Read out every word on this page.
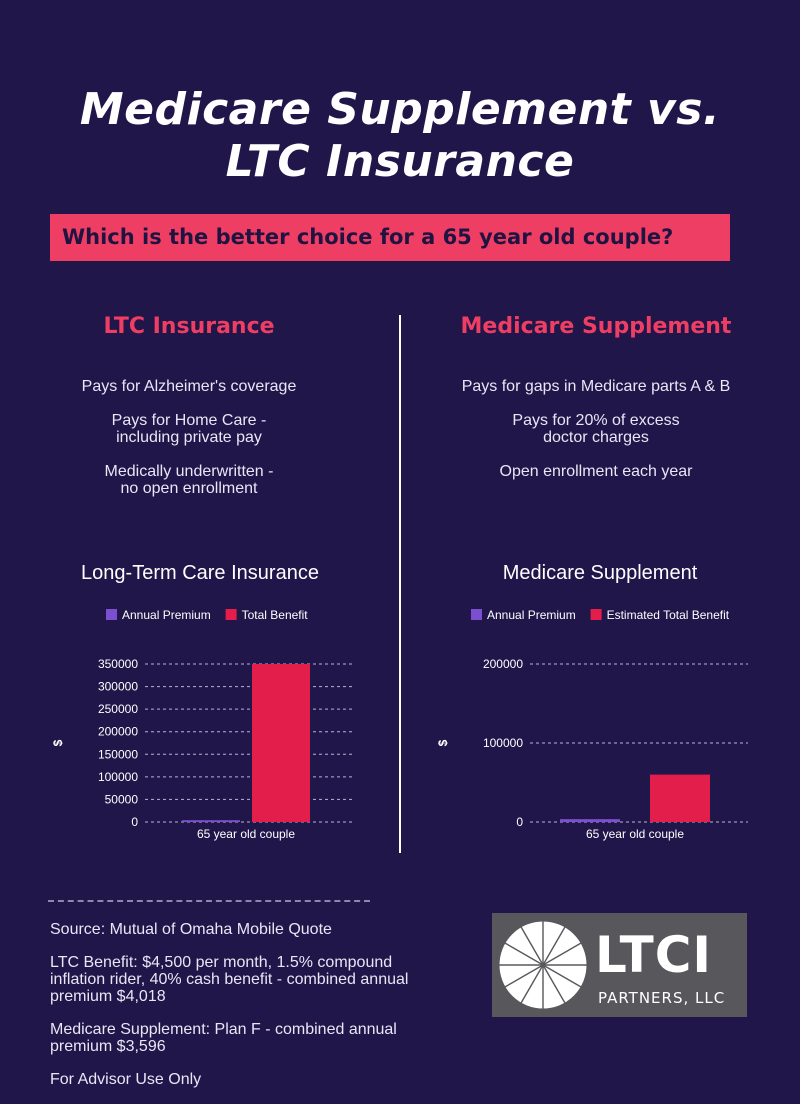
Medicare Supplement vs.
LTC Insurance
Which is the better choice for a 65 year old couple?
LTC Insurance
Pays for Alzheimer's coverage
Pays for Home Care -
including private pay
Medically underwritten -
no open enrollment
Medicare Supplement
Pays for gaps in Medicare parts A & B
Pays for 20% of excess
doctor charges
Open enrollment each year
Long-Term Care Insurance
Annual Premium	Total Benefit
0
50000
100000
150000
200000
250000
300000
350000
$
65 year old couple
Medicare Supplement
Annual Premium	Estimated Total Benefit
0
100000
200000
$
65 year old couple

Source: Mutual of Omaha Mobile Quote

LTC Benefit: $4,500 per month, 1.5% compound inflation rider, 40% cash benefit - combined annual premium $4,018

Medicare Supplement: Plan F - combined annual premium $3,596

For Advisor Use Only

LTCI
PARTNERS, LLC
